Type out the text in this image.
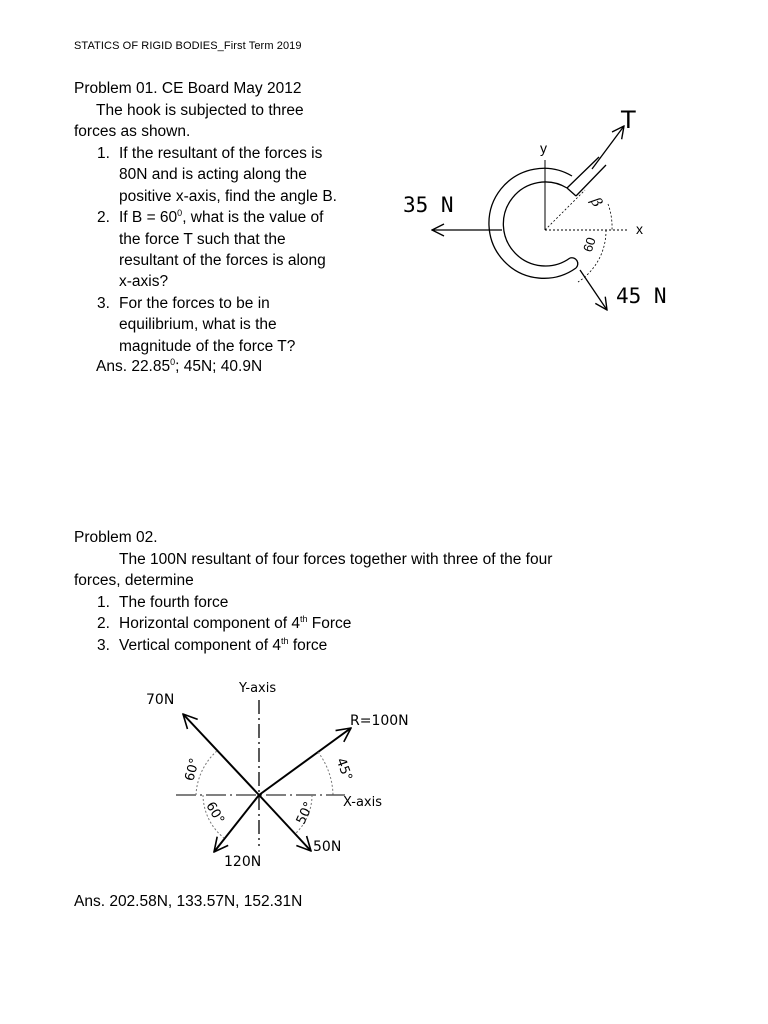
STATICS OF RIGID BODIES_First Term 2019
Problem 01. CE Board May 2012
The hook is subjected to three
forces as shown.
1. If the resultant of the forces is
80N and is acting along the
positive x-axis, find the angle B.
2. If $B = 60^0$, what is the value of
the force T such that the
resultant of the forces is along
x-axis?
3. For the forces to be in
equilibrium, what is the
magnitude of the force T?
Ans. 22.85$^0$; 45N; 40.9N
T
y
x
β
60
35 N
45 N
Problem 02.
The 100N resultant of four forces together with three of the four
forces, determine
1. The fourth force
2. Horizontal component of 4th Force
3. Vertical component of 4th force
Y-axis
X-axis
70N
R=100N
120N
50N
60°
60°
45°
50°
Ans. 202.58N, 133.57N, 152.31N
